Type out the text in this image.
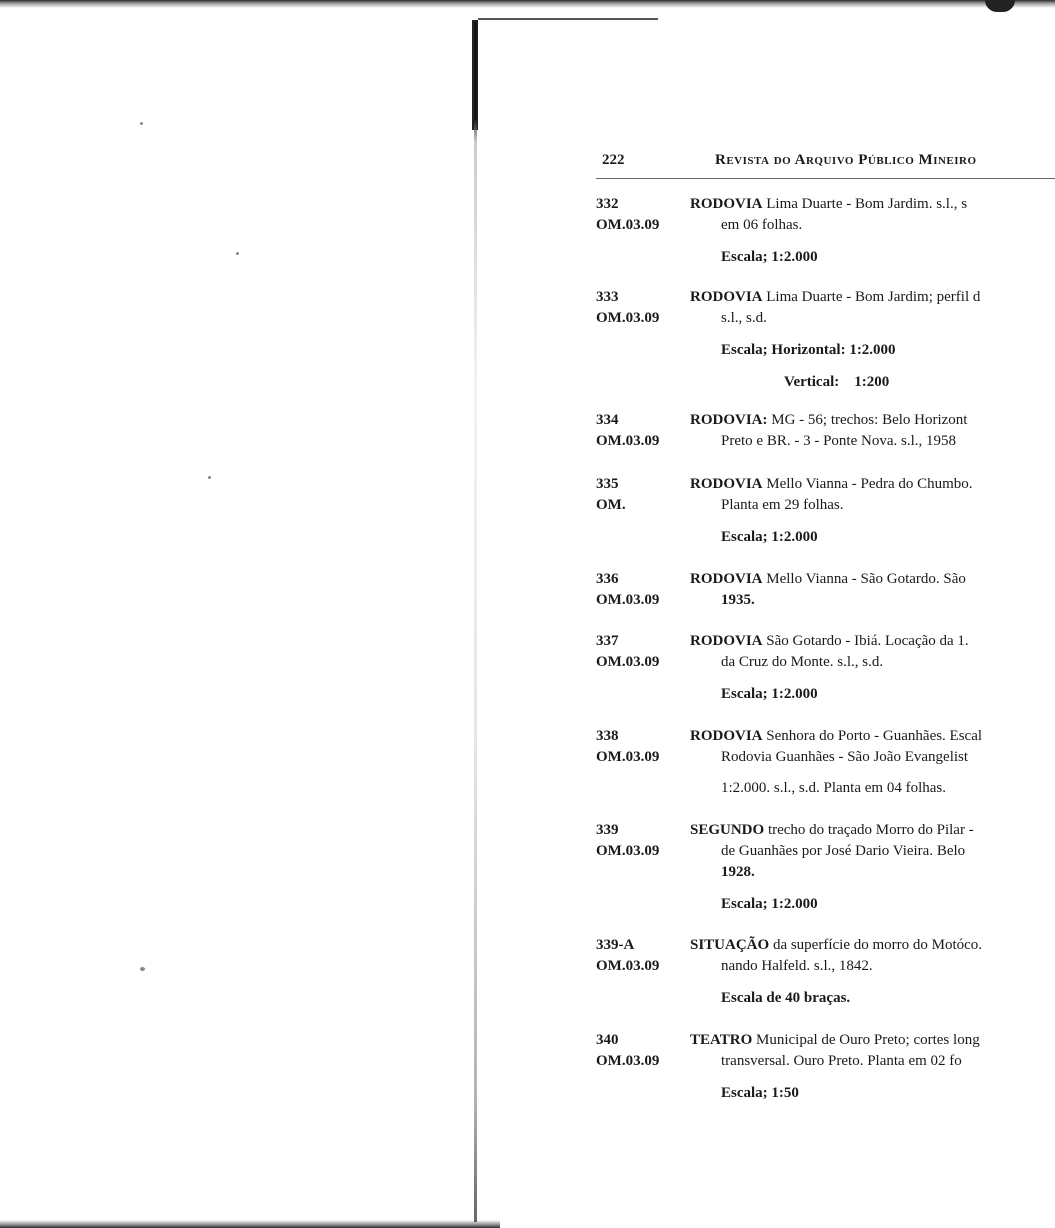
222	Revista do Arquivo Público Mineiro
332
OM.03.09
RODOVIA Lima Duarte - Bom Jardim. s.l., s
em 06 folhas.
Escala; 1:2.000
333
OM.03.09
RODOVIA Lima Duarte - Bom Jardim; perfil d
s.l., s.d.
Escala; Horizontal: 1:2.000
Vertical:    1:200
334
OM.03.09
RODOVIA: MG - 56; trechos: Belo Horizont
Preto e BR. - 3 - Ponte Nova. s.l., 1958
335
OM.
RODOVIA Mello Vianna - Pedra do Chumbo.
Planta em 29 folhas.
Escala; 1:2.000
336
OM.03.09
RODOVIA Mello Vianna - São Gotardo. São
1935.
337
OM.03.09
RODOVIA São Gotardo - Ibiá. Locação da 1.
da Cruz do Monte. s.l., s.d.
Escala; 1:2.000
338
OM.03.09
RODOVIA Senhora do Porto - Guanhães. Escal
Rodovia Guanhães - São João Evangelist
1:2.000. s.l., s.d. Planta em 04 folhas.
339
OM.03.09
SEGUNDO trecho do traçado Morro do Pilar -
de Guanhães por José Dario Vieira. Belo
1928.
Escala; 1:2.000
339-A
OM.03.09
SITUAÇÃO da superfície do morro do Motóco.
nando Halfeld. s.l., 1842.
Escala de 40 braças.
340
OM.03.09
TEATRO Municipal de Ouro Preto; cortes long
transversal. Ouro Preto. Planta em 02 fo
Escala; 1:50
